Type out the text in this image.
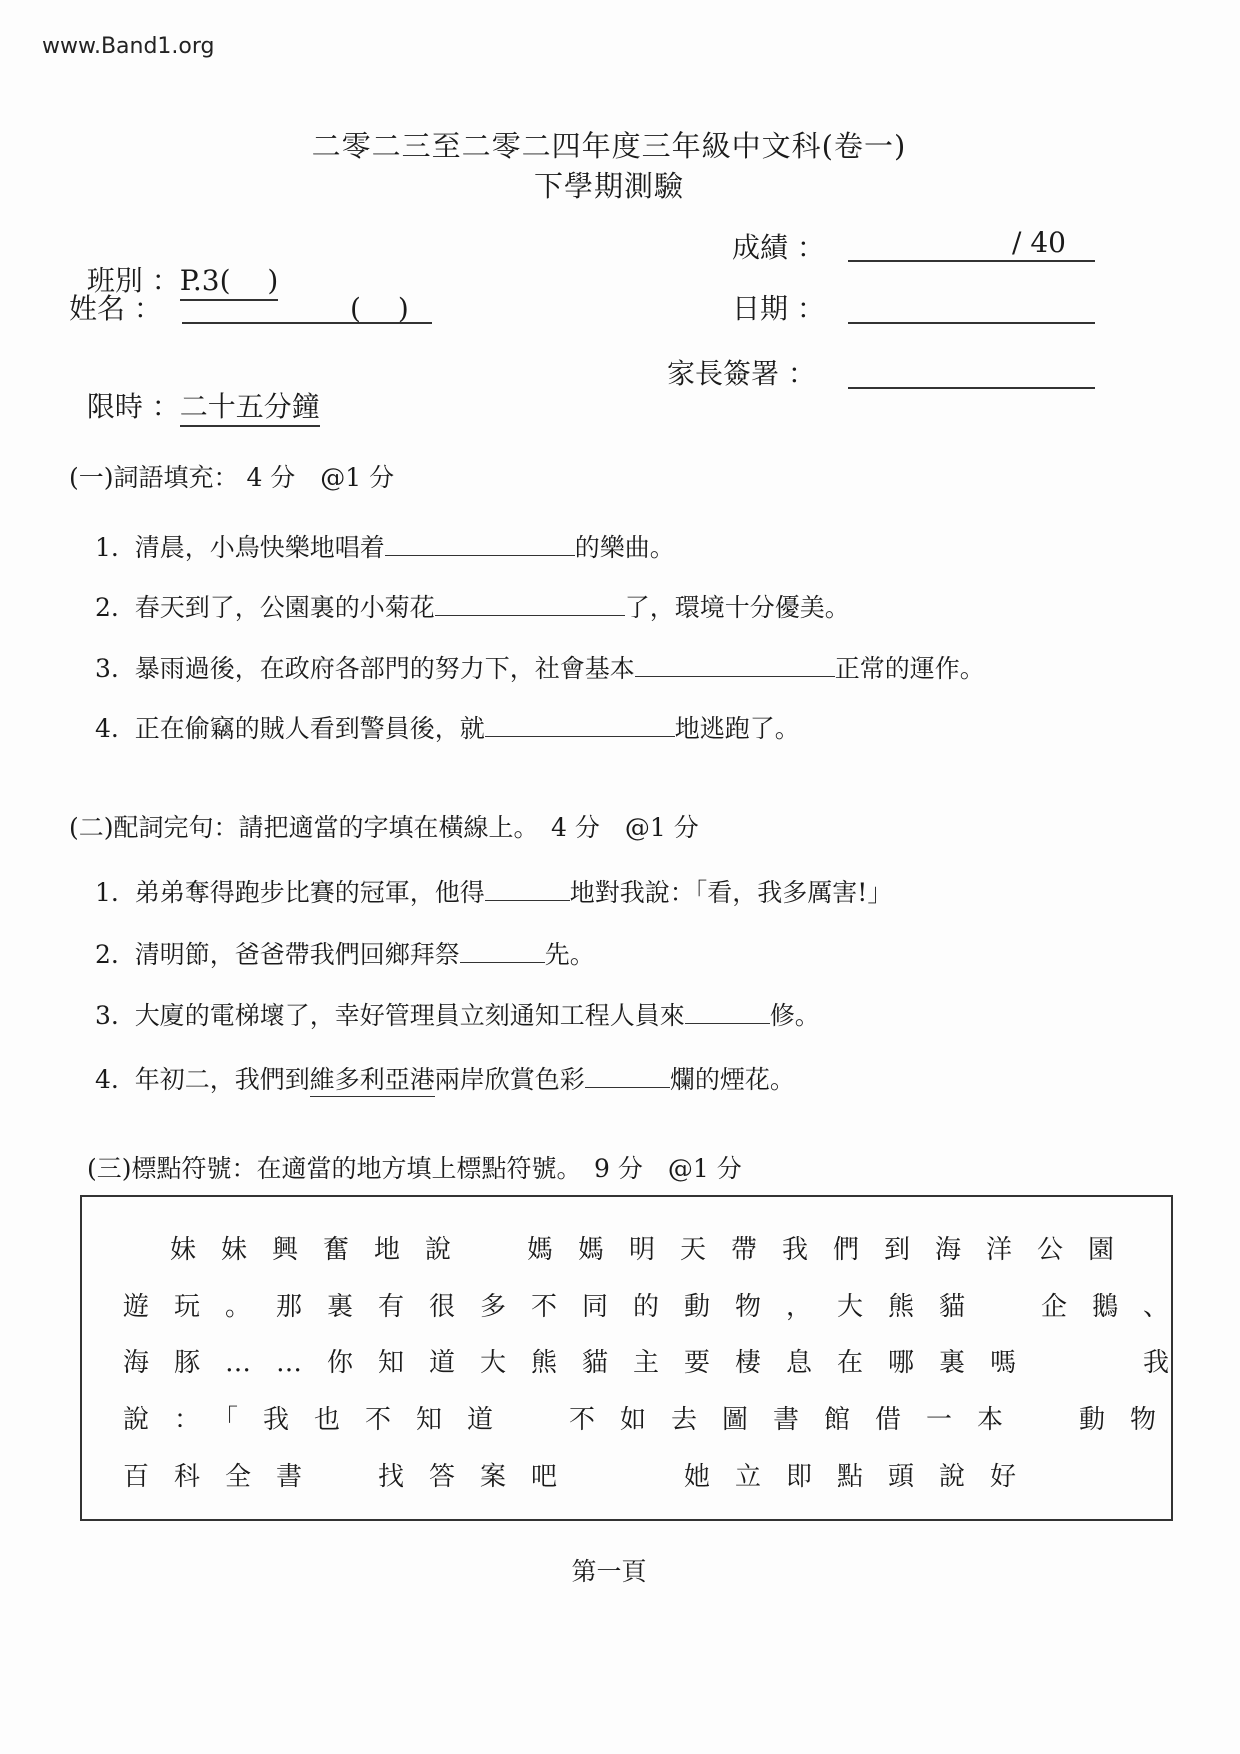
www.Band1.org
二零二三至二零二四年度三年級中文科(卷一)
下學期測驗

班別 ：P.3(　 )

成績 ：	/ 40
姓名 ：	(　 )	日期 ：

限時 ：二十五分鐘

家長簽署 ：
(一)詞語填充： 4 分　@1 分
1. 清晨，小鳥快樂地唱着	的樂曲。
2. 春天到了，公園裏的小菊花	了，環境十分優美。
3. 暴雨過後，在政府各部門的努力下，社會基本	正常的運作。
4. 正在偷竊的賊人看到警員後，就	地逃跑了。
(二)配詞完句：請把適當的字填在橫線上。　4 分　@1 分
1. 弟弟奪得跑步比賽的冠軍，他得	地對我說：「看，我多厲害!」
2. 清明節，爸爸帶我們回鄉拜祭	先。
3. 大廈的電梯壞了，幸好管理員立刻通知工程人員來	修。
4. 年初二，我們到維多利亞港兩岸欣賞色彩	爛的煙花。
(三)標點符號：在適當的地方填上標點符號。　9 分　@1 分
妹妹興奮地說　媽媽明天帶我們到海洋公園
遊玩。那裏有很多不同的動物，大熊貓　企鵝、
海豚……你知道大熊貓主要棲息在哪裏嗎　　我
說：「我也不知道　不如去圖書館借一本　動物
百科全書　找答案吧　　她立即點頭說好
第一頁
